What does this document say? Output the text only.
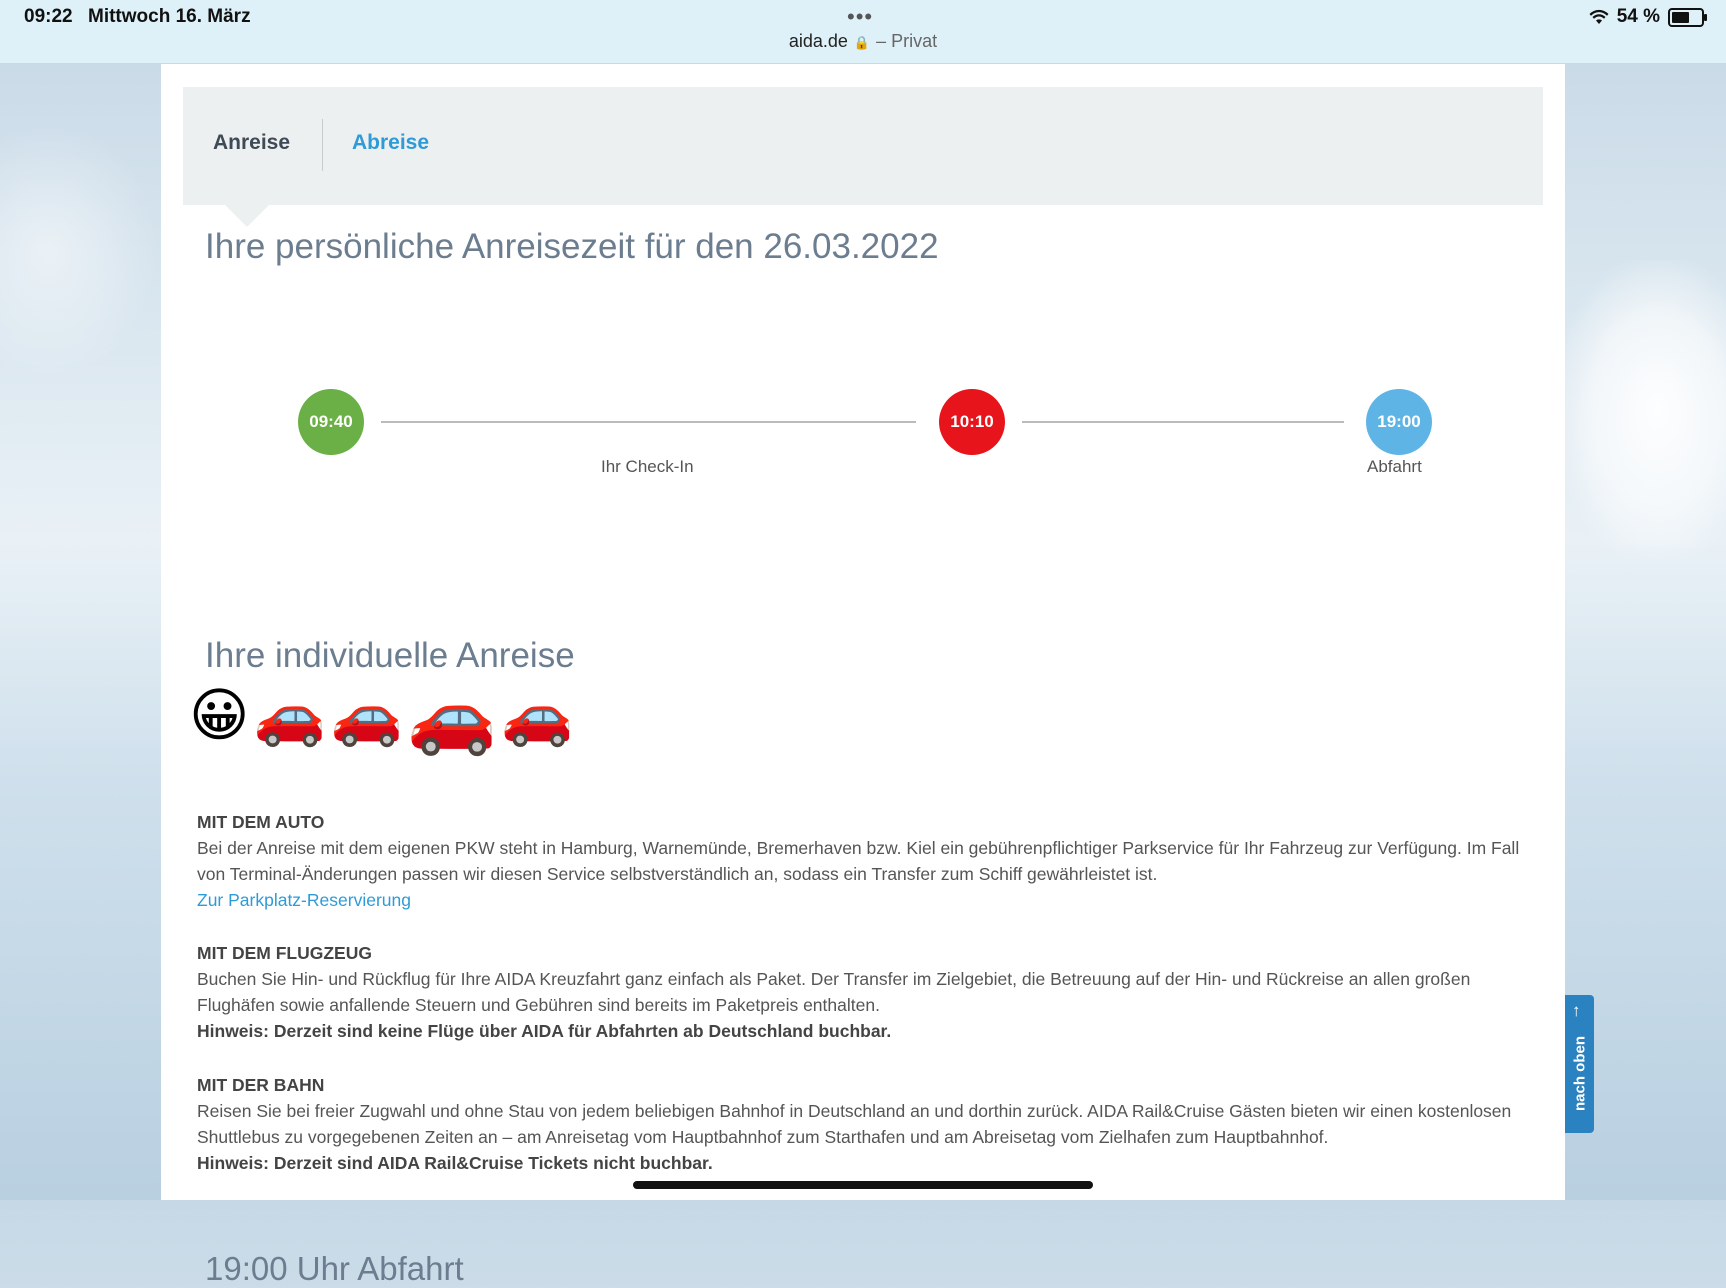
09:22 Mittwoch 16. März	•••
aida.de 🔒 – Privat
54 %
Anreise	Abreise
Ihre persönliche Anreisezeit für den 26.03.2022
09:40	10:10	19:00
Ihr Check-In	Abfahrt
Ihre individuelle Anreise
😀 🚗 🚗 🚗 🚗
MIT DEM AUTO
Bei der Anreise mit dem eigenen PKW steht in Hamburg, Warnemünde, Bremerhaven bzw. Kiel ein gebührenpflichtiger Parkservice für Ihr Fahrzeug zur Verfügung. Im Fall von Terminal-Änderungen passen wir diesen Service selbstverständlich an, sodass ein Transfer zum Schiff gewährleistet ist.
Zur Parkplatz-Reservierung
MIT DEM FLUGZEUG
Buchen Sie Hin- und Rückflug für Ihre AIDA Kreuzfahrt ganz einfach als Paket. Der Transfer im Zielgebiet, die Betreuung auf der Hin- und Rückreise an allen großen Flughäfen sowie anfallende Steuern und Gebühren sind bereits im Paketpreis enthalten.
Hinweis: Derzeit sind keine Flüge über AIDA für Abfahrten ab Deutschland buchbar.
MIT DER BAHN
Reisen Sie bei freier Zugwahl und ohne Stau von jedem beliebigen Bahnhof in Deutschland an und dorthin zurück. AIDA Rail&Cruise Gästen bieten wir einen kostenlosen Shuttlebus zu vorgegebenen Zeiten an – am Anreisetag vom Hauptbahnhof zum Starthafen und am Abreisetag vom Zielhafen zum Hauptbahnhof.
Hinweis: Derzeit sind AIDA Rail&Cruise Tickets nicht buchbar.
19:00 Uhr Abfahrt
↑
nach oben
